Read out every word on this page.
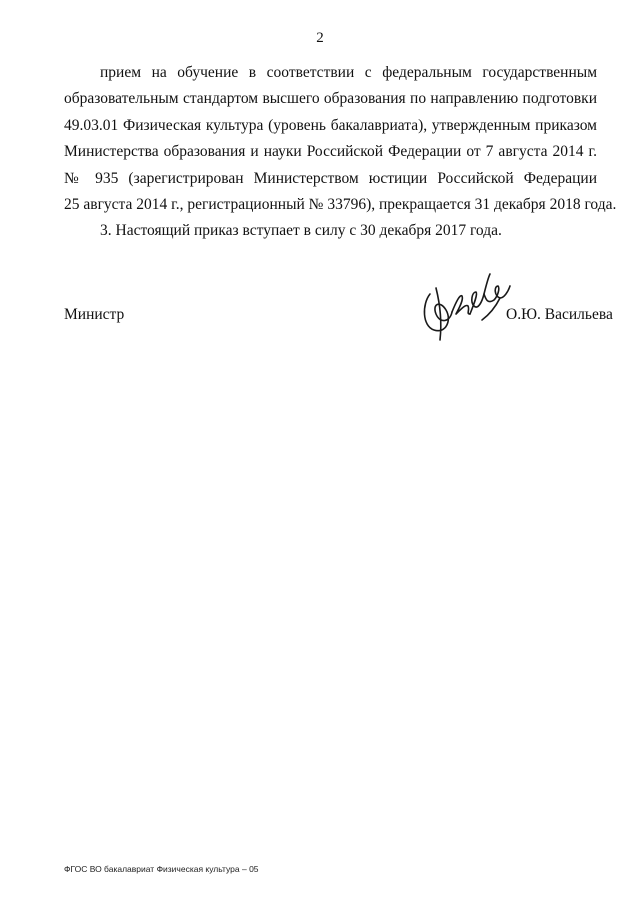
2
прием на обучение в соответствии с федеральным государственным
образовательным стандартом высшего образования по направлению подготовки
49.03.01 Физическая культура (уровень бакалавриата), утвержденным приказом
Министерства образования и науки Российской Федерации от 7 августа 2014 г.
№ 935 (зарегистрирован Министерством юстиции Российской Федерации
25 августа 2014 г., регистрационный № 33796), прекращается 31 декабря 2018 года.
3. Настоящий приказ вступает в силу с 30 декабря 2017 года.
Министр	О.Ю. Васильева
ФГОС ВО бакалавриат Физическая культура – 05
